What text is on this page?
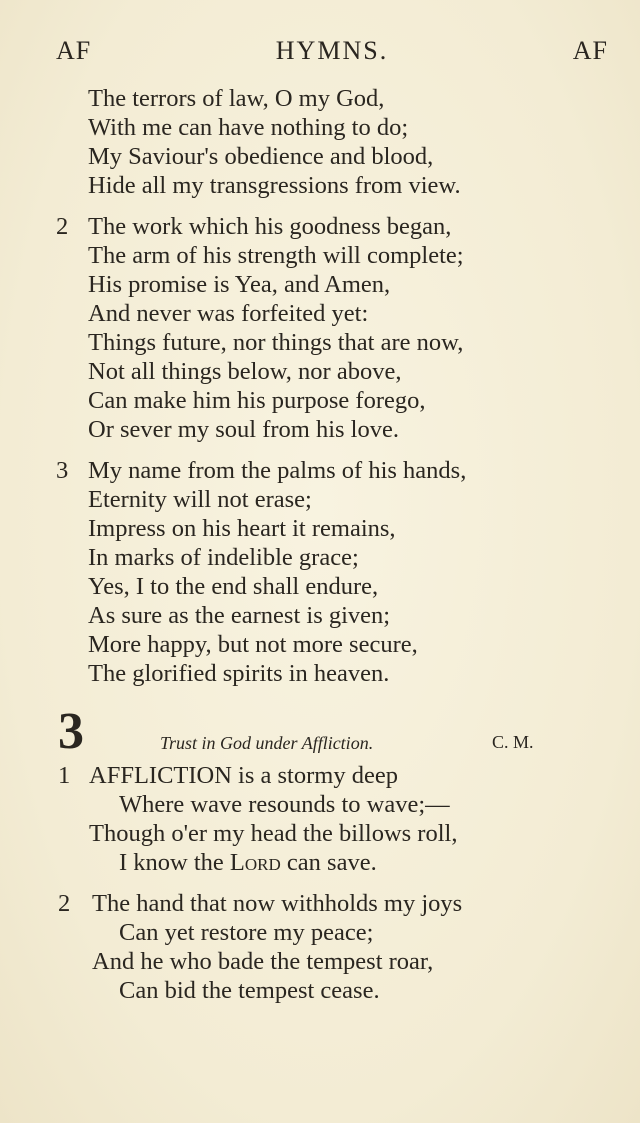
AF	HYMNS.	AF
The terrors of law, O my God,
With me can have nothing to do;
My Saviour's obedience and blood,
Hide all my transgressions from view.
2 The work which his goodness began,
The arm of his strength will complete;
His promise is Yea, and Amen,
And never was forfeited yet:
Things future, nor things that are now,
Not all things below, nor above,
Can make him his purpose forego,
Or sever my soul from his love.
3 My name from the palms of his hands,
Eternity will not erase;
Impress on his heart it remains,
In marks of indelible grace;
Yes, I to the end shall endure,
As sure as the earnest is given;
More happy, but not more secure,
The glorified spirits in heaven.
3	Trust in God under Affliction.	C. M.
1 AFFLICTION is a stormy deep
Where wave resounds to wave;—
Though o'er my head the billows roll,
I know the Lord can save.
2 The hand that now withholds my joys
Can yet restore my peace;
And he who bade the tempest roar,
Can bid the tempest cease.
